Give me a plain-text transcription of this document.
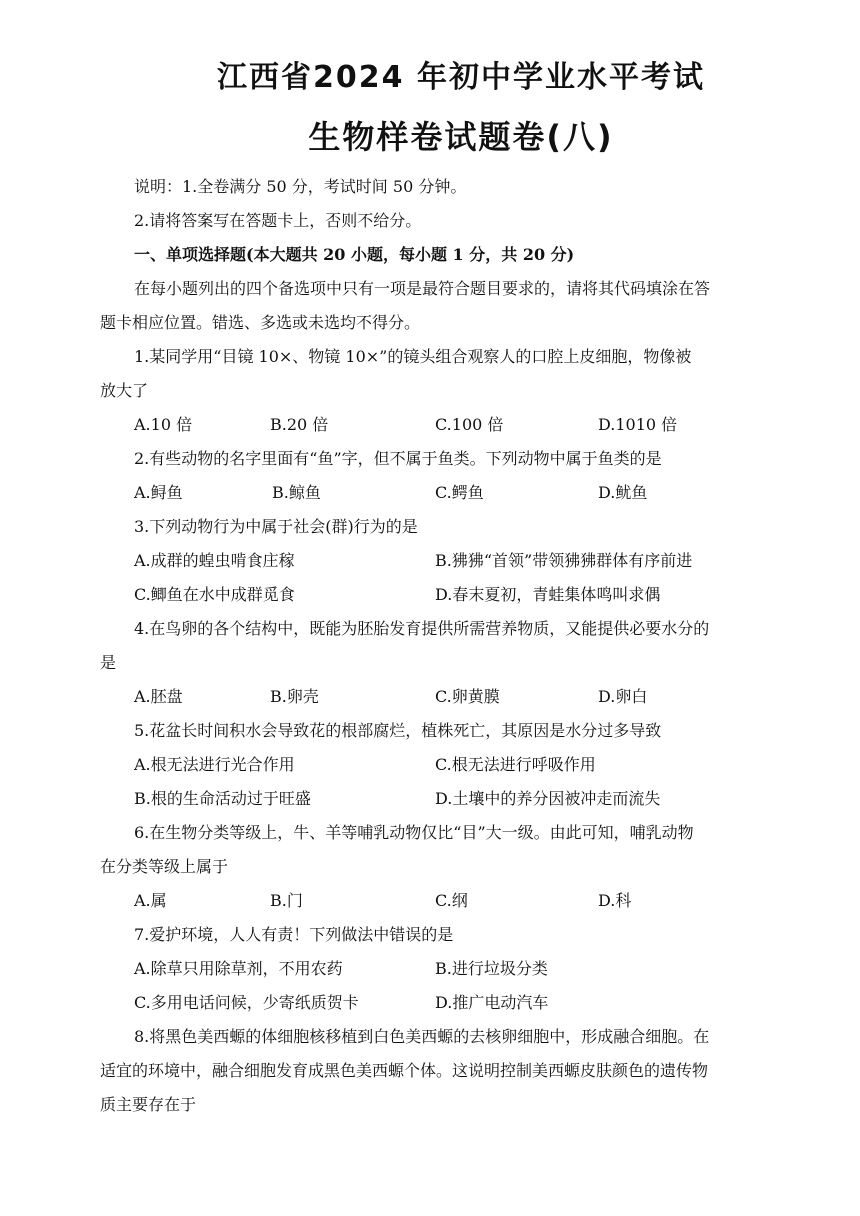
江西省2024 年初中学业水平考试
生物样卷试题卷(八)
说明：1.全卷满分 50 分，考试时间 50 分钟。
2.请将答案写在答题卡上，否则不给分。
一、单项选择题(本大题共 20 小题，每小题 1 分，共 20 分)
在每小题列出的四个备选项中只有一项是最符合题目要求的，请将其代码填涂在答
题卡相应位置。错选、多选或未选均不得分。
1.某同学用“目镜 10×、物镜 10×”的镜头组合观察人的口腔上皮细胞，物像被
放大了
A.10 倍	B.20 倍	C.100 倍	D.1010 倍
2.有些动物的名字里面有“鱼”字，但不属于鱼类。下列动物中属于鱼类的是
A.鲟鱼	B.鲸鱼	C.鳄鱼	D.鱿鱼
3.下列动物行为中属于社会(群)行为的是
A.成群的蝗虫啃食庄稼	B.狒狒“首领”带领狒狒群体有序前进
C.鲫鱼在水中成群觅食	D.春末夏初，青蛙集体鸣叫求偶
4.在鸟卵的各个结构中，既能为胚胎发育提供所需营养物质，又能提供必要水分的
是
A.胚盘	B.卵壳	C.卵黄膜	D.卵白
5.花盆长时间积水会导致花的根部腐烂，植株死亡，其原因是水分过多导致
A.根无法进行光合作用	C.根无法进行呼吸作用
B.根的生命活动过于旺盛	D.土壤中的养分因被冲走而流失
6.在生物分类等级上，牛、羊等哺乳动物仅比“目”大一级。由此可知，哺乳动物
在分类等级上属于
A.属	B.门	C.纲	D.科
7.爱护环境，人人有责！下列做法中错误的是
A.除草只用除草剂，不用农药	B.进行垃圾分类
C.多用电话问候，少寄纸质贺卡	D.推广电动汽车
8.将黑色美西螈的体细胞核移植到白色美西螈的去核卵细胞中，形成融合细胞。在
适宜的环境中，融合细胞发育成黑色美西螈个体。这说明控制美西螈皮肤颜色的遗传物
质主要存在于
